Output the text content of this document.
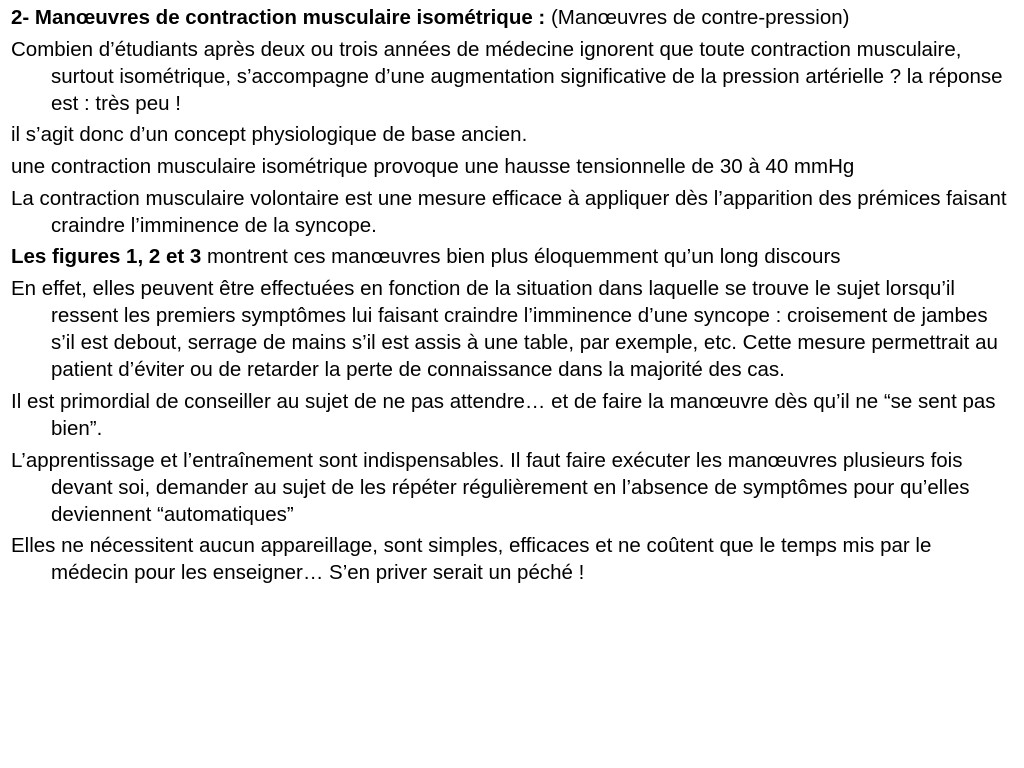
2- Manœuvres de contraction musculaire isométrique : (Manœuvres de contre-pression)

Combien d’étudiants après deux ou trois années de médecine ignorent que toute contraction musculaire, surtout isométrique, s’accompagne d’une augmentation significative de la pression artérielle ? la réponse est : très peu !

il s’agit donc d’un concept physiologique de base ancien.

une contraction musculaire isométrique provoque une hausse tensionnelle de 30 à 40 mmHg

La contraction musculaire volontaire est une mesure efficace à appliquer dès l’apparition des prémices faisant craindre l’imminence de la syncope.

Les figures 1, 2 et 3 montrent ces manœuvres bien plus éloquemment qu’un long discours

En effet, elles peuvent être effectuées en fonction de la situation dans laquelle se trouve le sujet lorsqu’il ressent les premiers symptômes lui faisant craindre l’imminence d’une syncope : croisement de jambes s’il est debout, serrage de mains s’il est assis à une table, par exemple, etc. Cette mesure permettrait au patient d’éviter ou de retarder la perte de connaissance dans la majorité des cas.

Il est primordial de conseiller au sujet de ne pas attendre… et de faire la manœuvre dès qu’il ne “se sent pas bien”.

L’apprentissage et l’entraînement sont indispensables. Il faut faire exécuter les manœuvres plusieurs fois devant soi, demander au sujet de les répéter régulièrement en l’absence de symptômes pour qu’elles deviennent “automatiques”

Elles ne nécessitent aucun appareillage, sont simples, efficaces et ne coûtent que le temps mis par le médecin pour les enseigner… S’en priver serait un péché !
